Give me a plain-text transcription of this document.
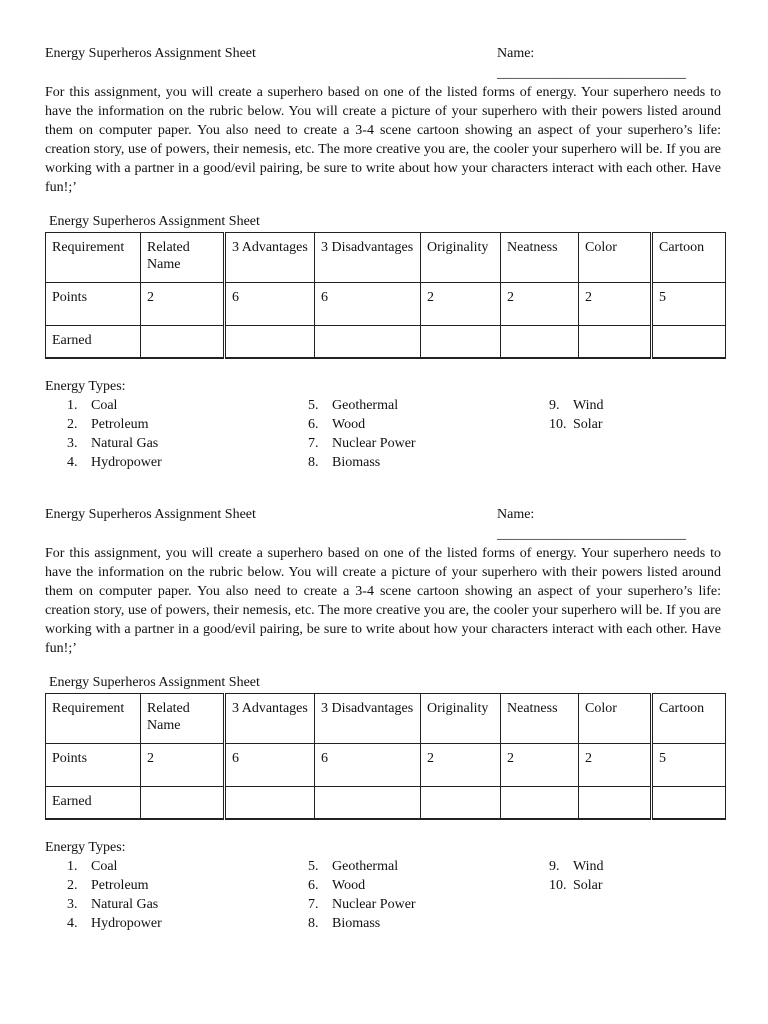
Energy Superheros Assignment Sheet	Name: ___________________________
For this assignment, you will create a superhero based on one of the listed forms of energy. Your superhero needs to have the information on the rubric below. You will create a picture of your superhero with their powers listed around them on computer paper. You also need to create a 3-4 scene cartoon showing an aspect of your superhero’s life: creation story, use of powers, their nemesis, etc. The more creative you are, the cooler your superhero will be. If you are working with a partner in a good/evil pairing, be sure to write about how your characters interact with each other. Have fun!;’
Energy Superheros Assignment Sheet
Requirement	Related Name	3 Advantages	3 Disadvantages	Originality	Neatness	Color	Cartoon
Points	2	6	6	2	2	2	5
Earned							
Energy Types:
1. Coal
2. Petroleum
3. Natural Gas
4. Hydropower
5. Geothermal
6. Wood
7. Nuclear Power
8. Biomass
9. Wind
10. Solar
Energy Superheros Assignment Sheet	Name: ___________________________
For this assignment, you will create a superhero based on one of the listed forms of energy. Your superhero needs to have the information on the rubric below. You will create a picture of your superhero with their powers listed around them on computer paper. You also need to create a 3-4 scene cartoon showing an aspect of your superhero’s life: creation story, use of powers, their nemesis, etc. The more creative you are, the cooler your superhero will be. If you are working with a partner in a good/evil pairing, be sure to write about how your characters interact with each other. Have fun!;’
Energy Superheros Assignment Sheet
Requirement	Related Name	3 Advantages	3 Disadvantages	Originality	Neatness	Color	Cartoon
Points	2	6	6	2	2	2	5
Earned							
Energy Types:
1. Coal
2. Petroleum
3. Natural Gas
4. Hydropower
5. Geothermal
6. Wood
7. Nuclear Power
8. Biomass
9. Wind
10. Solar
